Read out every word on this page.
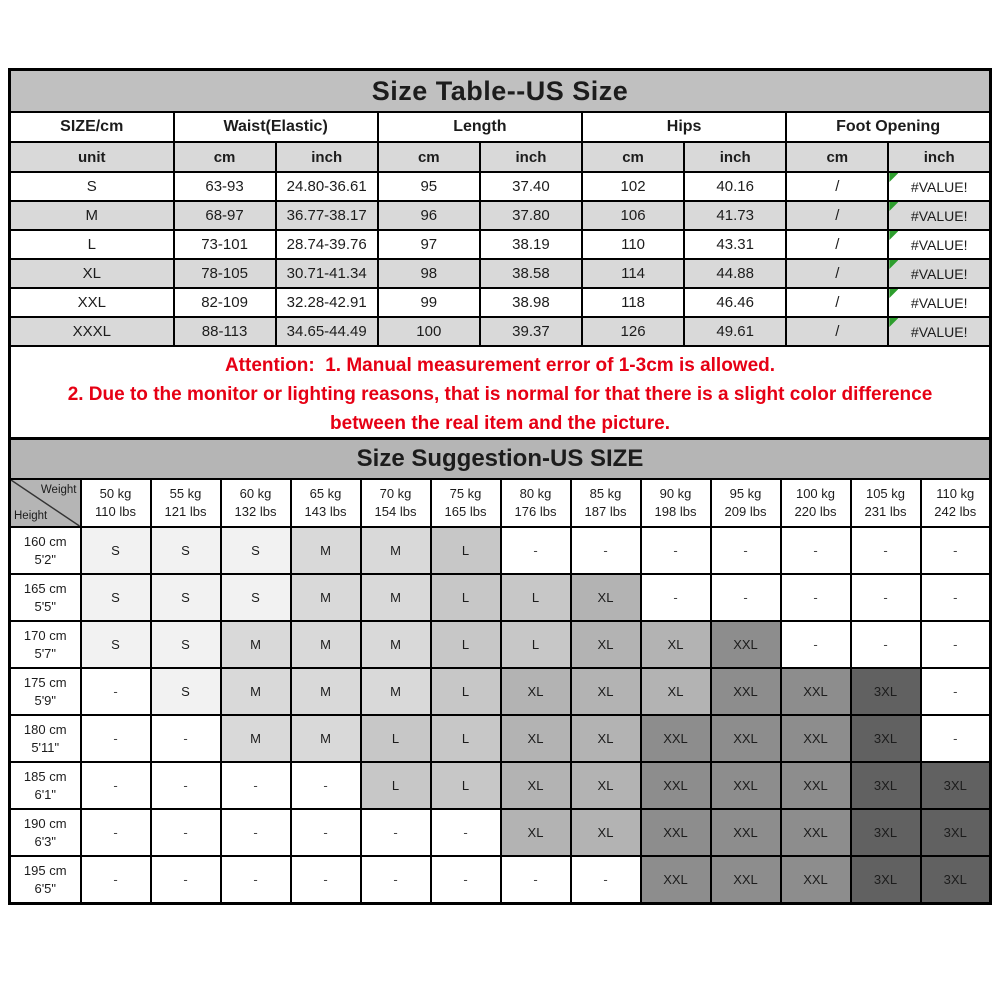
Size Table--US Size								
SIZE/cm	Waist(Elastic)		Length		Hips		Foot Opening	
unit	cm	inch	cm	inch	cm	inch	cm	inch
S	63-93	24.80-36.61	95	37.40	102	40.16	/	#VALUE!
M	68-97	36.77-38.17	96	37.80	106	41.73	/	#VALUE!
L	73-101	28.74-39.76	97	38.19	110	43.31	/	#VALUE!
XL	78-105	30.71-41.34	98	38.58	114	44.88	/	#VALUE!
XXL	82-109	32.28-42.91	99	38.98	118	46.46	/	#VALUE!
XXXL	88-113	34.65-44.49	100	39.37	126	49.61	/	#VALUE!

Attention:  1. Manual measurement error of 1-3cm is allowed.
2. Due to the monitor or lighting reasons, that is normal for that there is a slight color difference
between the real item and the picture.								
Size Suggestion-US SIZE													

Weight
Height

50 kg
110 lbs

55 kg
121 lbs

60 kg
132 lbs

65 kg
143 lbs

70 kg
154 lbs

75 kg
165 lbs

80 kg
176 lbs

85 kg
187 lbs

90 kg
198 lbs

95 kg
209 lbs

100 kg
220 lbs

105 kg
231 lbs

110 kg
242 lbs

160 cm
5'2"	S	S	S	M	M	L	-	-	-	-	-	-	-

165 cm
5'5"	S	S	S	M	M	L	L	XL	-	-	-	-	-

170 cm
5'7"	S	S	M	M	M	L	L	XL	XL	XXL	-	-	-

175 cm
5'9"	-	S	M	M	M	L	XL	XL	XL	XXL	XXL	3XL	-

180 cm
5'11"	-	-	M	M	L	L	XL	XL	XXL	XXL	XXL	3XL	-

185 cm
6'1"	-	-	-	-	L	L	XL	XL	XXL	XXL	XXL	3XL	3XL

190 cm
6'3"	-	-	-	-	-	-	XL	XL	XXL	XXL	XXL	3XL	3XL

195 cm
6'5"	-	-	-	-	-	-	-	-	XXL	XXL	XXL	3XL	3XL
